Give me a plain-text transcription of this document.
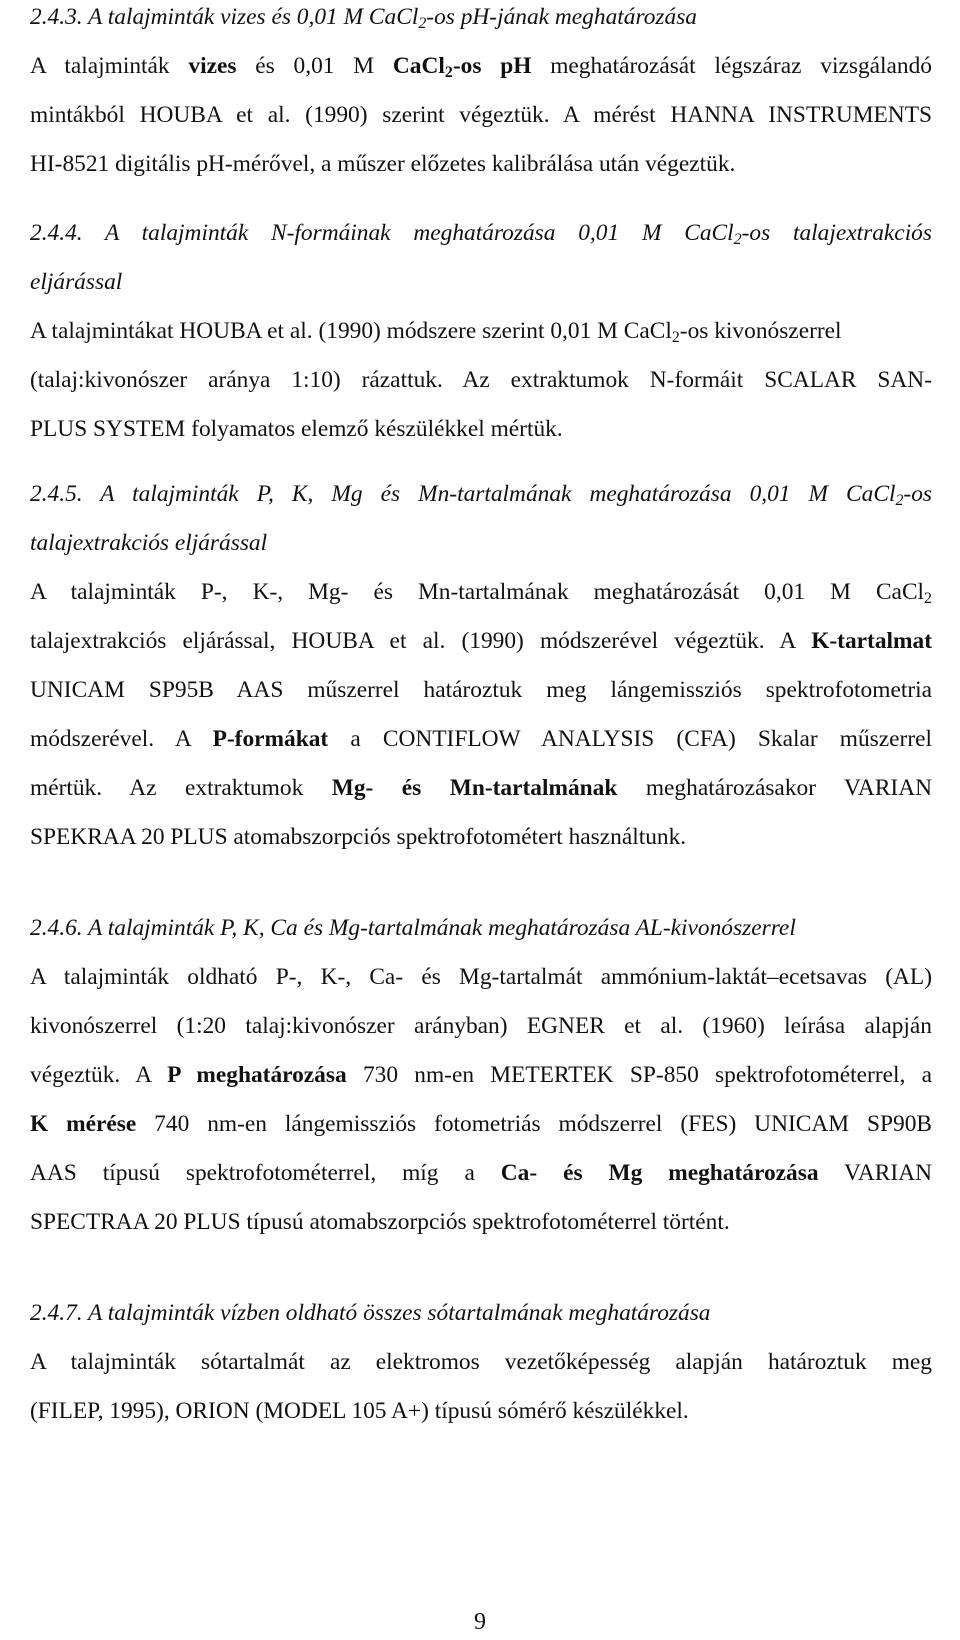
2.4.3. A talajminták vizes és 0,01 M CaCl$_2$-os pH-jának meghatározása
A talajminták vizes és 0,01 M CaCl$_2$-os pH meghatározását légszáraz vizsgálandó
mintákból HOUBA et al. (1990) szerint végeztük. A mérést HANNA INSTRUMENTS
HI-8521 digitális pH-mérővel, a műszer előzetes kalibrálása után végeztük.
2.4.4. A talajminták N-formáinak meghatározása 0,01 M CaCl$_2$-os talajextrakciós
eljárással
A talajmintákat HOUBA et al. (1990) módszere szerint 0,01 M CaCl$_2$-os kivonószerrel
(talaj:kivonószer aránya 1:10) rázattuk. Az extraktumok N-formáit SCALAR SAN-
PLUS SYSTEM folyamatos elemző készülékkel mértük.
2.4.5. A talajminták P, K, Mg és Mn-tartalmának meghatározása 0,01 M CaCl$_2$-os
talajextrakciós eljárással
A talajminták P-, K-, Mg- és Mn-tartalmának meghatározását 0,01 M CaCl$_2$
talajextrakciós eljárással, HOUBA et al. (1990) módszerével végeztük. A K-tartalmat
UNICAM SP95B AAS műszerrel határoztuk meg lángemissziós spektrofotometria
módszerével. A P-formákat a CONTIFLOW ANALYSIS (CFA) Skalar műszerrel
mértük. Az extraktumok Mg- és Mn-tartalmának meghatározásakor VARIAN
SPEKRAA 20 PLUS atomabszorpciós spektrofotométert használtunk.
2.4.6. A talajminták P, K, Ca és Mg-tartalmának meghatározása AL-kivonószerrel
A talajminták oldható P-, K-, Ca- és Mg-tartalmát ammónium-laktát–ecetsavas (AL)
kivonószerrel (1:20 talaj:kivonószer arányban) EGNER et al. (1960) leírása alapján
végeztük. A P meghatározása 730 nm-en METERTEK SP-850 spektrofotométerrel, a
K mérése 740 nm-en lángemissziós fotometriás módszerrel (FES) UNICAM SP90B
AAS típusú spektrofotométerrel, míg a Ca- és Mg meghatározása VARIAN
SPECTRAA 20 PLUS típusú atomabszorpciós spektrofotométerrel történt.
2.4.7. A talajminták vízben oldható összes sótartalmának meghatározása
A talajminták sótartalmát az elektromos vezetőképesség alapján határoztuk meg
(FILEP, 1995), ORION (MODEL 105 A+) típusú sómérő készülékkel.
9
